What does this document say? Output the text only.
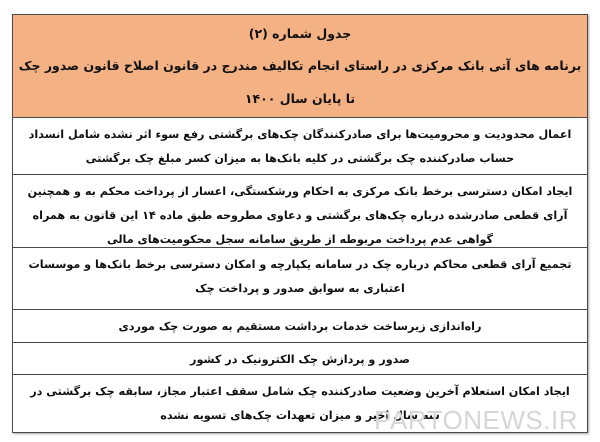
جدول شماره (۲)
برنامه های آتی بانک مرکزی در راستای انجام تکالیف مندرج در قانون اصلاح قانون صدور چک
تا پایان سال ۱۴۰۰
اعمال محدودیت و محرومیت‌ها برای صادرکنندگان چک‌های برگشتی رفع سوء اثر نشده شامل انسداد حساب صادرکننده چک برگشتی در کلیه بانک‌ها به میزان کسر مبلغ چک برگشتی
ایجاد امکان دسترسی برخط بانک مرکزی به احکام ورشکستگی، اعسار از پرداخت محکم به و همچنین آرای قطعی صادرشده درباره چک‌های برگشتی و دعاوی مطروحه طبق ماده ۱۴ این قانون به همراه گواهی عدم پرداخت مربوطه از طریق سامانه سجل محکومیت‌های مالی
تجمیع آرای قطعی محاکم درباره چک در سامانه یکپارچه و امکان دسترسی برخط بانک‌ها و موسسات اعتباری به سوابق صدور و پرداخت چک
راه‌اندازی زیرساخت خدمات برداشت مستقیم به صورت چک موردی
صدور و پردازش چک الکترونیک در کشور
ایجاد امکان استعلام آخرین وضعیت صادرکننده چک شامل سقف اعتبار مجاز، سابقه چک برگشتی در سه سال اخیر و میزان تعهدات چک‌های تسویه نشده
PARTONEWS.IR
